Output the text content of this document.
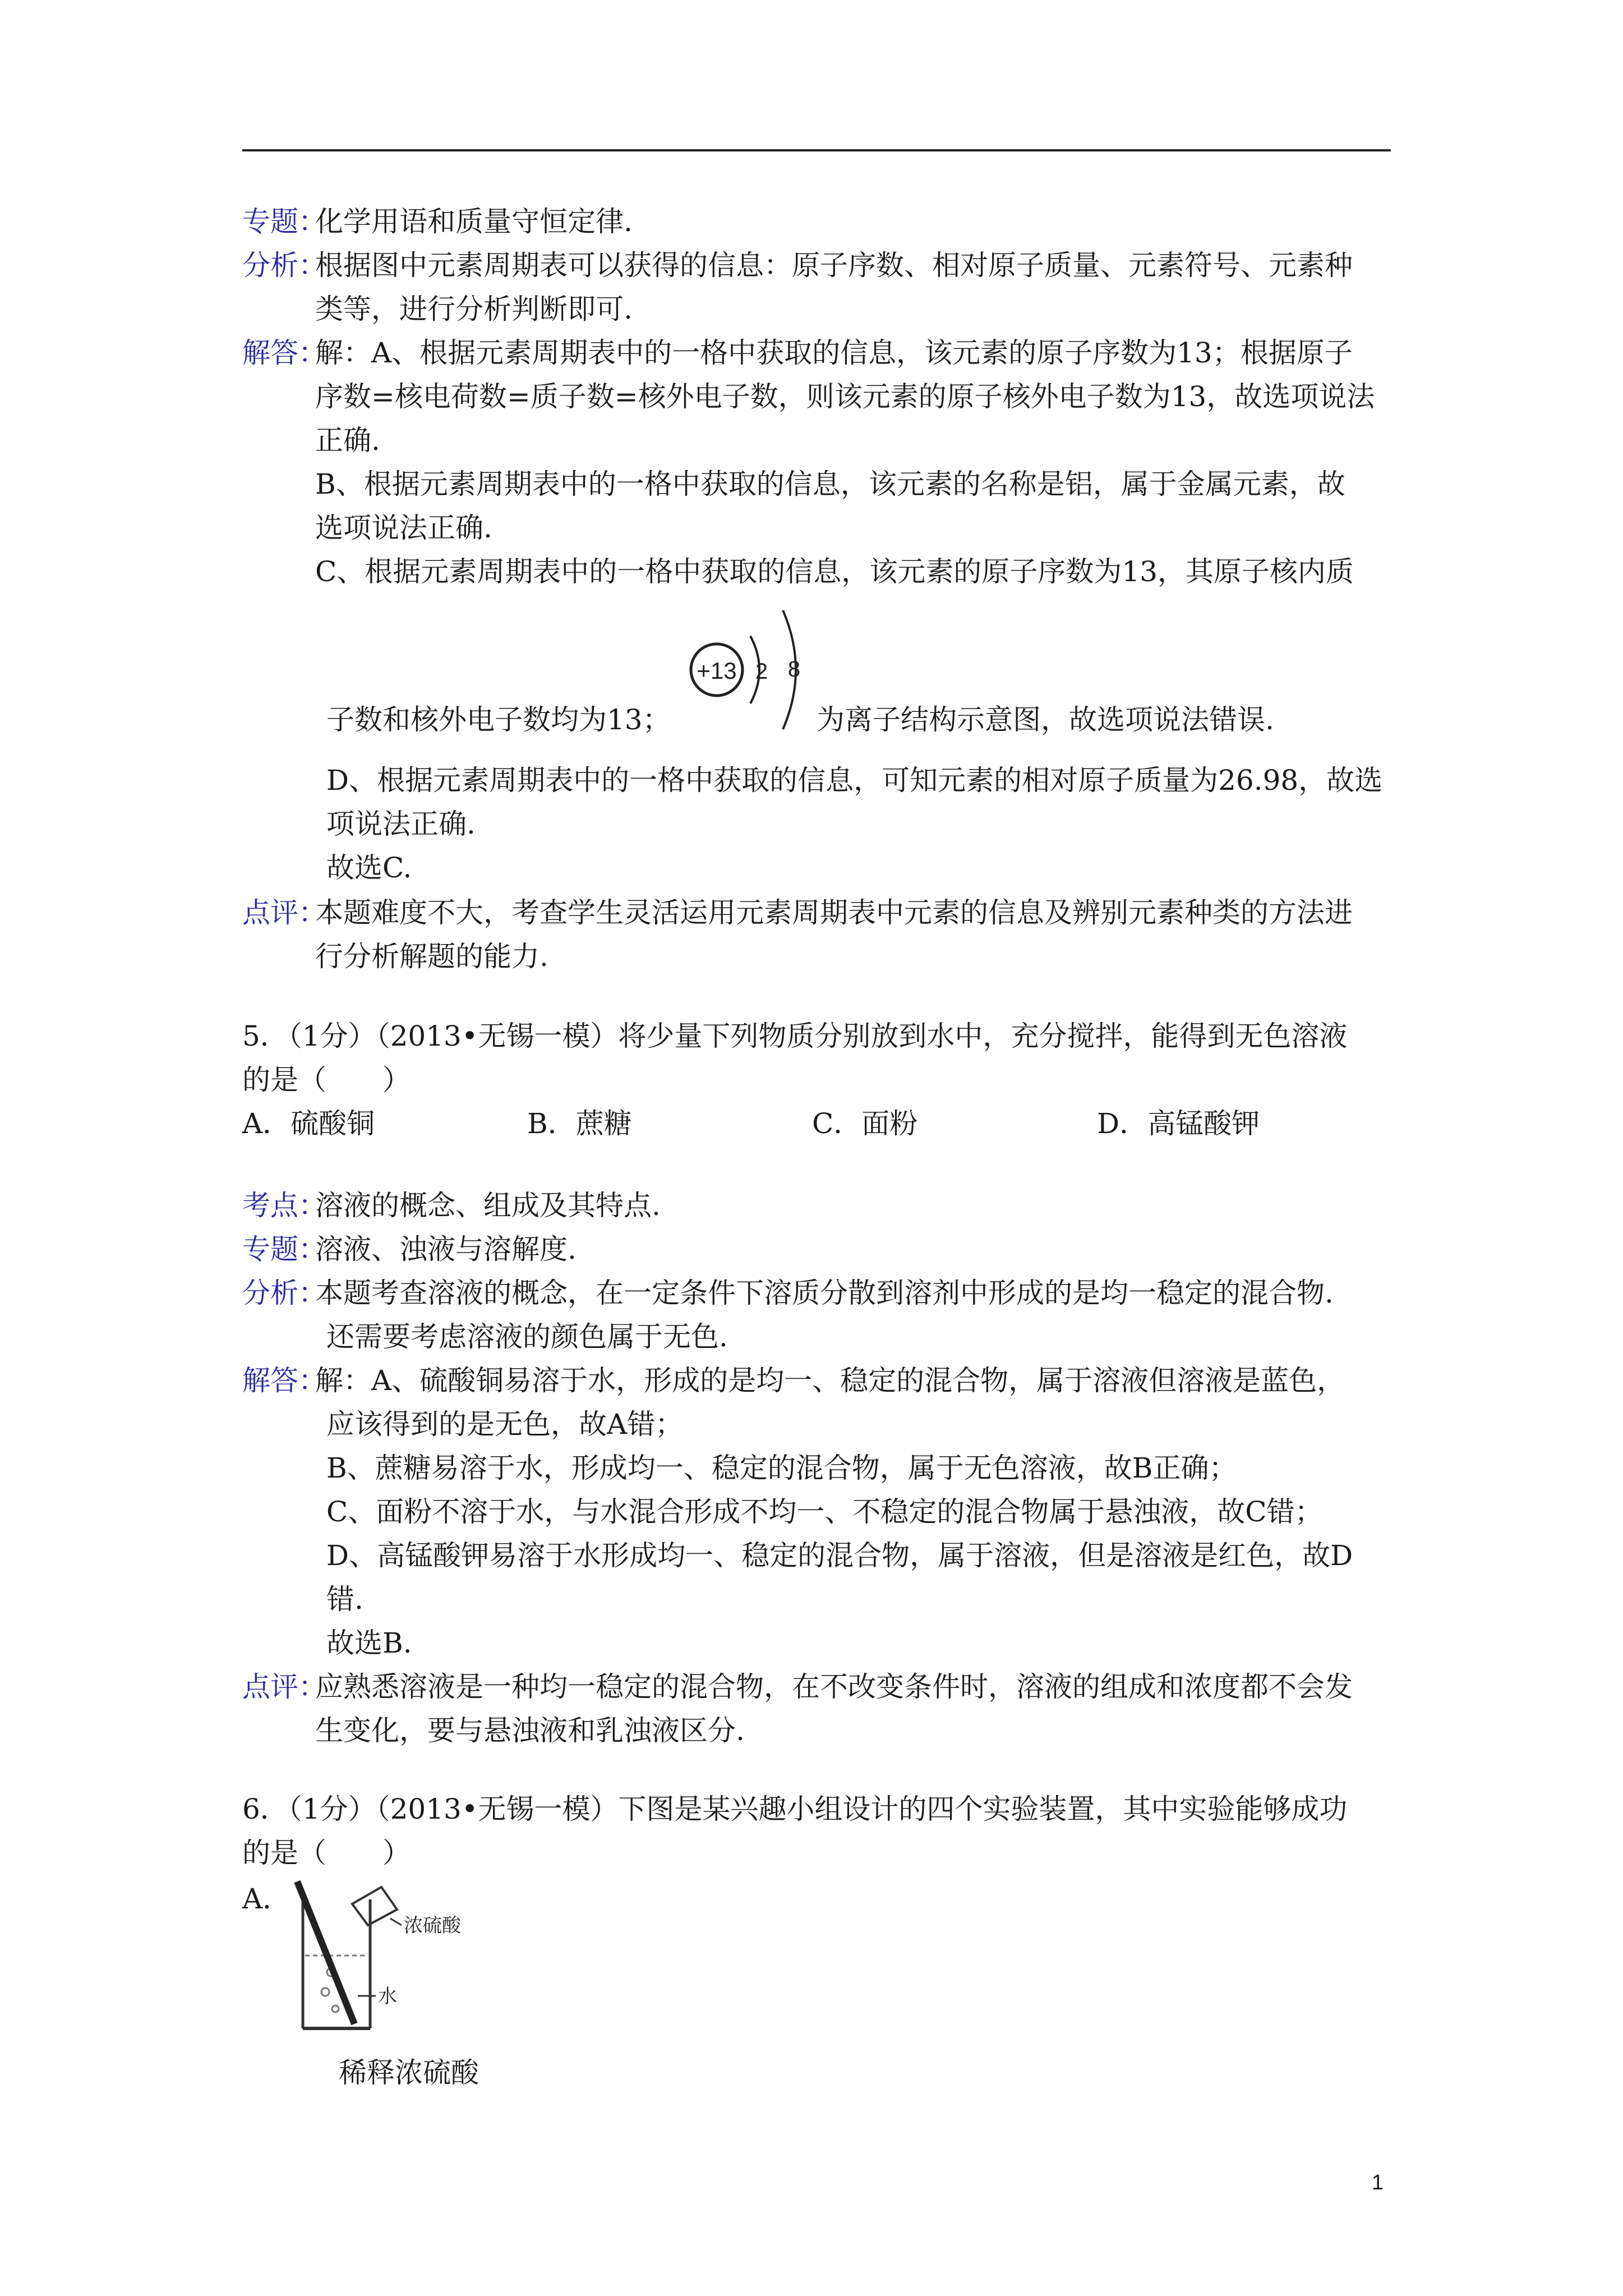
专题：
化学用语和质量守恒定律.
分析：
根据图中元素周期表可以获得的信息：原子序数、相对原子质量、元素符号、元素种
类等，进行分析判断即可.
解答：
解：A、根据元素周期表中的一格中获取的信息，该元素的原子序数为13；根据原子
序数=核电荷数=质子数=核外电子数，则该元素的原子核外电子数为13，故选项说法
正确.
B、根据元素周期表中的一格中获取的信息，该元素的名称是铝，属于金属元素，故
选项说法正确.
C、根据元素周期表中的一格中获取的信息，该元素的原子序数为13，其原子核内质
+13 2 8
子数和核外电子数均为13；	为离子结构示意图，故选项说法错误.
D、根据元素周期表中的一格中获取的信息，可知元素的相对原子质量为26.98，故选
项说法正确.
故选C.
点评：
本题难度不大，考查学生灵活运用元素周期表中元素的信息及辨别元素种类的方法进
行分析解题的能力.
5．（1分）（2013•无锡一模）将少量下列物质分别放到水中，充分搅拌，能得到无色溶液
的是（　　）
A．硫酸铜	B．蔗糖	C．面粉	D．高锰酸钾
考点：
溶液的概念、组成及其特点.
专题：
溶液、浊液与溶解度.
分析：
本题考查溶液的概念，在一定条件下溶质分散到溶剂中形成的是均一稳定的混合物.
还需要考虑溶液的颜色属于无色.
解答：
解：A、硫酸铜易溶于水，形成的是均一、稳定的混合物，属于溶液但溶液是蓝色，
应该得到的是无色，故A错；
B、蔗糖易溶于水，形成均一、稳定的混合物，属于无色溶液，故B正确；
C、面粉不溶于水，与水混合形成不均一、不稳定的混合物属于悬浊液，故C错；
D、高锰酸钾易溶于水形成均一、稳定的混合物，属于溶液，但是溶液是红色，故D
错.
故选B.
点评：
应熟悉溶液是一种均一稳定的混合物，在不改变条件时，溶液的组成和浓度都不会发
生变化，要与悬浊液和乳浊液区分.
6．（1分）（2013•无锡一模）下图是某兴趣小组设计的四个实验装置，其中实验能够成功
的是（　　）
A．
浓硫酸
水
稀释浓硫酸
1
